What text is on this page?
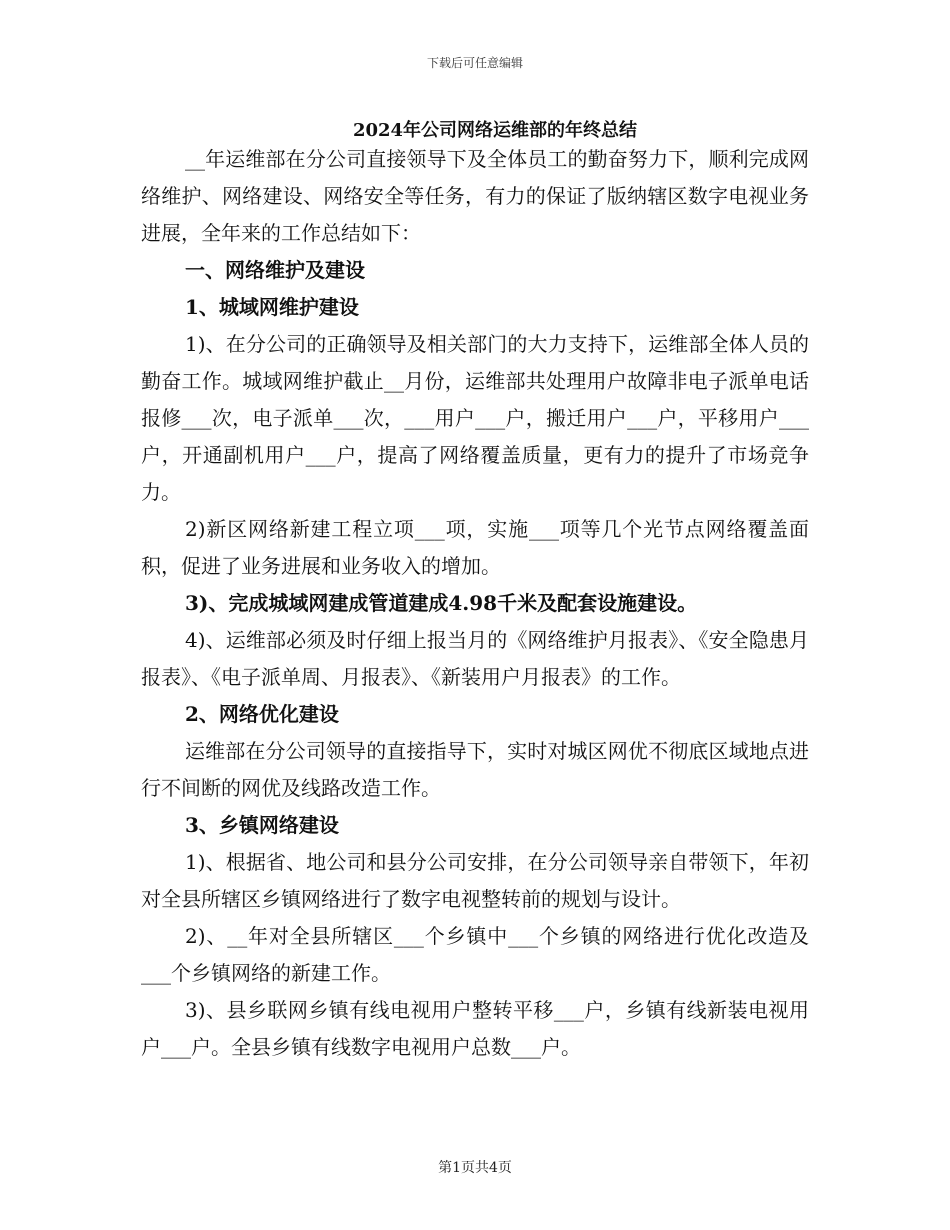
下载后可任意编辑
2024年公司网络运维部的年终总结

__年运维部在分公司直接领导下及全体员工的勤奋努力下，顺利完成网络维护、网络建设、网络安全等任务，有力的保证了版纳辖区数字电视业务进展，全年来的工作总结如下：

一、网络维护及建设

1、城域网维护建设

1)、在分公司的正确领导及相关部门的大力支持下，运维部全体人员的勤奋工作。城域网维护截止__月份，运维部共处理用户故障非电子派单电话报修___次，电子派单___次，___用户___户，搬迁用户___户，平移用户___户，开通副机用户___户，提高了网络覆盖质量，更有力的提升了市场竞争力。

2)新区网络新建工程立项___项，实施___项等几个光节点网络覆盖面积，促进了业务进展和业务收入的增加。

3)、完成城域网建成管道建成4.98千米及配套设施建设。

4)、运维部必须及时仔细上报当月的《网络维护月报表》、《安全隐患月报表》、《电子派单周、月报表》、《新装用户月报表》的工作。

2、网络优化建设

运维部在分公司领导的直接指导下，实时对城区网优不彻底区域地点进行不间断的网优及线路改造工作。

3、乡镇网络建设

1)、根据省、地公司和县分公司安排，在分公司领导亲自带领下，年初对全县所辖区乡镇网络进行了数字电视整转前的规划与设计。

2)、__年对全县所辖区___个乡镇中___个乡镇的网络进行优化改造及___个乡镇网络的新建工作。

3)、县乡联网乡镇有线电视用户整转平移___户，乡镇有线新装电视用户___户。全县乡镇有线数字电视用户总数___户。

第1页共4页
